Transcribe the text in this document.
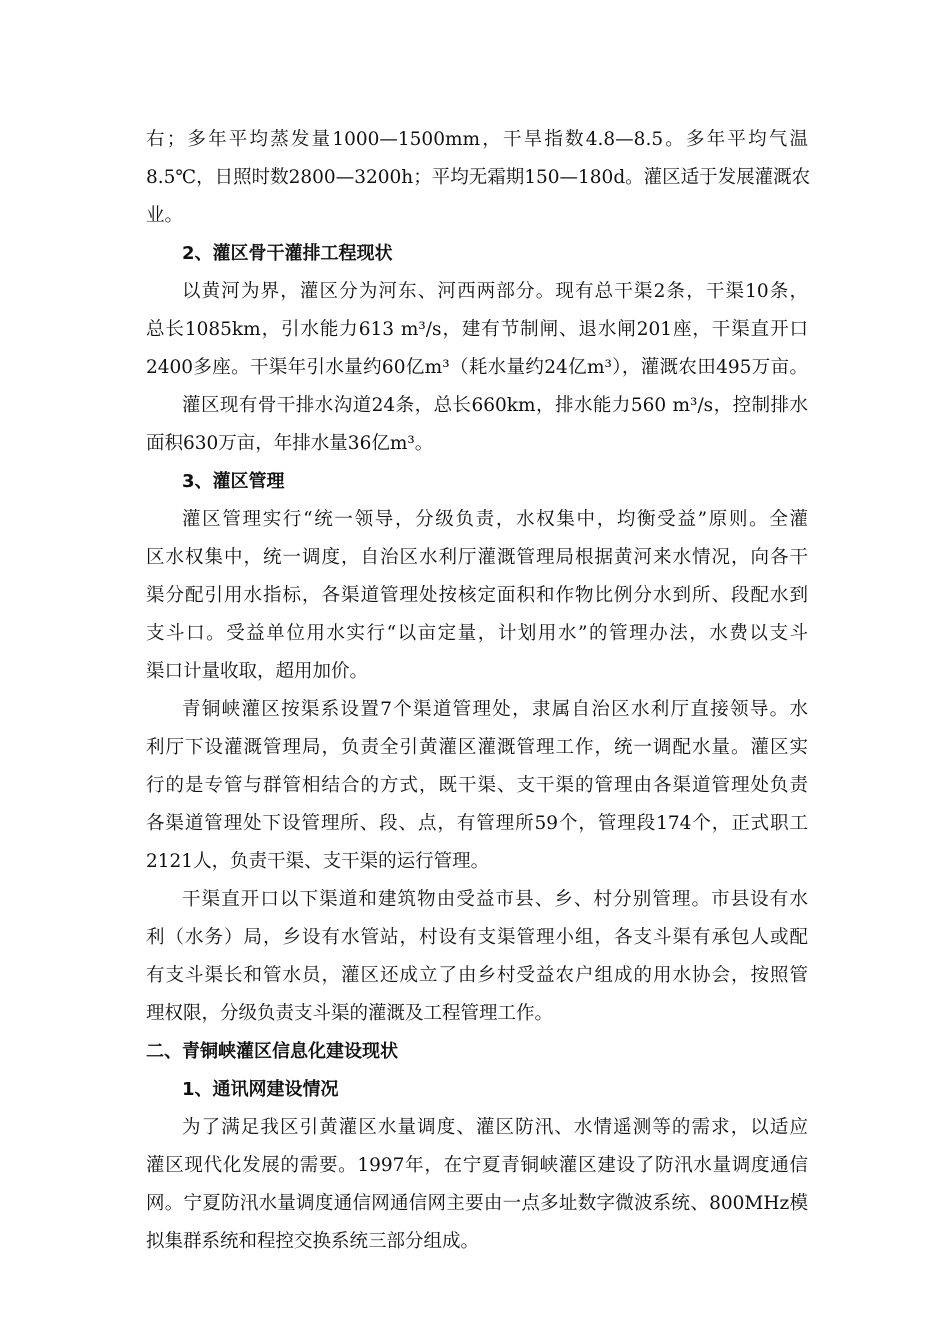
右；多年平均蒸发量1000—1500mm，干旱指数4.8—8.5。多年平均气温
8.5℃，日照时数2800—3200h；平均无霜期150—180d。灌区适于发展灌溉农
业。
2、灌区骨干灌排工程现状
以黄河为界，灌区分为河东、河西两部分。现有总干渠2条，干渠10条，
总长1085km，引水能力613 m³/s，建有节制闸、退水闸201座，干渠直开口
2400多座。干渠年引水量约60亿m³（耗水量约24亿m³），灌溉农田495万亩。
灌区现有骨干排水沟道24条，总长660km，排水能力560 m³/s，控制排水
面积630万亩，年排水量36亿m³。
3、灌区管理
灌区管理实行“统一领导，分级负责，水权集中，均衡受益”原则。全灌
区水权集中，统一调度，自治区水利厅灌溉管理局根据黄河来水情况，向各干
渠分配引用水指标，各渠道管理处按核定面积和作物比例分水到所、段配水到
支斗口。受益单位用水实行“以亩定量，计划用水”的管理办法，水费以支斗
渠口计量收取，超用加价。
青铜峡灌区按渠系设置7个渠道管理处，隶属自治区水利厅直接领导。水
利厅下设灌溉管理局，负责全引黄灌区灌溉管理工作，统一调配水量。灌区实
行的是专管与群管相结合的方式，既干渠、支干渠的管理由各渠道管理处负责
各渠道管理处下设管理所、段、点，有管理所59个，管理段174个，正式职工
2121人，负责干渠、支干渠的运行管理。
干渠直开口以下渠道和建筑物由受益市县、乡、村分别管理。市县设有水
利（水务）局，乡设有水管站，村设有支渠管理小组，各支斗渠有承包人或配
有支斗渠长和管水员，灌区还成立了由乡村受益农户组成的用水协会，按照管
理权限，分级负责支斗渠的灌溉及工程管理工作。
二、青铜峡灌区信息化建设现状
1、通讯网建设情况
为了满足我区引黄灌区水量调度、灌区防汛、水情遥测等的需求，以适应
灌区现代化发展的需要。1997年，在宁夏青铜峡灌区建设了防汛水量调度通信
网。宁夏防汛水量调度通信网通信网主要由一点多址数字微波系统、800MHz模
拟集群系统和程控交换系统三部分组成。
